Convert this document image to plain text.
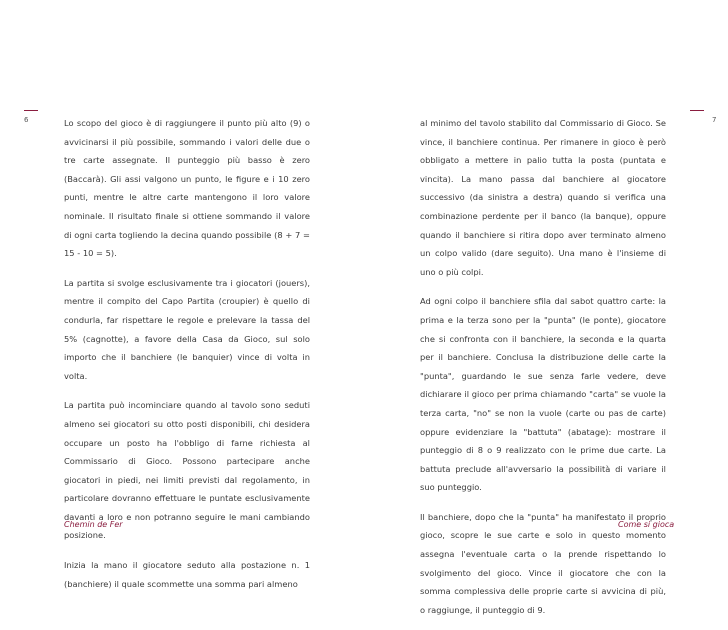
6	Lo scopo del gioco è di raggiungere il punto più alto (9) o avvicinarsi il più possibile, sommando i valori delle due o tre carte assegnate. Il punteggio più basso è zero (Baccarà). Gli assi valgono un punto, le figure e i 10 zero punti, mentre le altre carte mantengono il loro valore nominale. Il risultato finale si ottiene sommando il valore di ogni carta togliendo la decina quando possibile (8 + 7 = 15 - 10 = 5).

La partita si svolge esclusivamente tra i giocatori (jouers), mentre il compito del Capo Partita (croupier) è quello di condurla, far rispettare le regole e prelevare la tassa del 5% (cagnotte), a favore della Casa da Gioco, sul solo importo che il banchiere (le banquier) vince di volta in volta.

La partita può incominciare quando al tavolo sono seduti almeno sei giocatori su otto posti disponibili, chi desidera occupare un posto ha l'obbligo di farne richiesta al Commissario di Gioco. Possono partecipare anche giocatori in piedi, nei limiti previsti dal regolamento, in particolare dovranno effettuare le puntate esclusivamente davanti a loro e non potranno seguire le mani cambiando posizione.

Inizia la mano il giocatore seduto alla postazione n. 1 (banchiere) il quale scommette una somma pari almeno

Chemin de Fer
7

al minimo del tavolo stabilito dal Commissario di Gioco. Se vince, il banchiere continua. Per rimanere in gioco è però obbligato a mettere in palio tutta la posta (puntata e vincita). La mano passa dal banchiere al giocatore successivo (da sinistra a destra) quando si verifica una combinazione perdente per il banco (la banque), oppure quando il banchiere si ritira dopo aver terminato almeno un colpo valido (dare seguito). Una mano è l'insieme di uno o più colpi.

Ad ogni colpo il banchiere sfila dal sabot quattro carte: la prima e la terza sono per la "punta" (le ponte), giocatore che si confronta con il banchiere, la seconda e la quarta per il banchiere. Conclusa la distribuzione delle carte la "punta", guardando le sue senza farle vedere, deve dichiarare il gioco per prima chiamando "carta" se vuole la terza carta, "no" se non la vuole (carte ou pas de carte) oppure evidenziare la "battuta" (abatage): mostrare il punteggio di 8 o 9 realizzato con le prime due carte. La battuta preclude all'avversario la possibilità di variare il suo punteggio.

Il banchiere, dopo che la "punta" ha manifestato il proprio gioco, scopre le sue carte e solo in questo momento assegna l'eventuale carta o la prende rispettando lo svolgimento del gioco. Vince il giocatore che con la somma complessiva delle proprie carte si avvicina di più, o raggiunge, il punteggio di 9.

Come si gioca
